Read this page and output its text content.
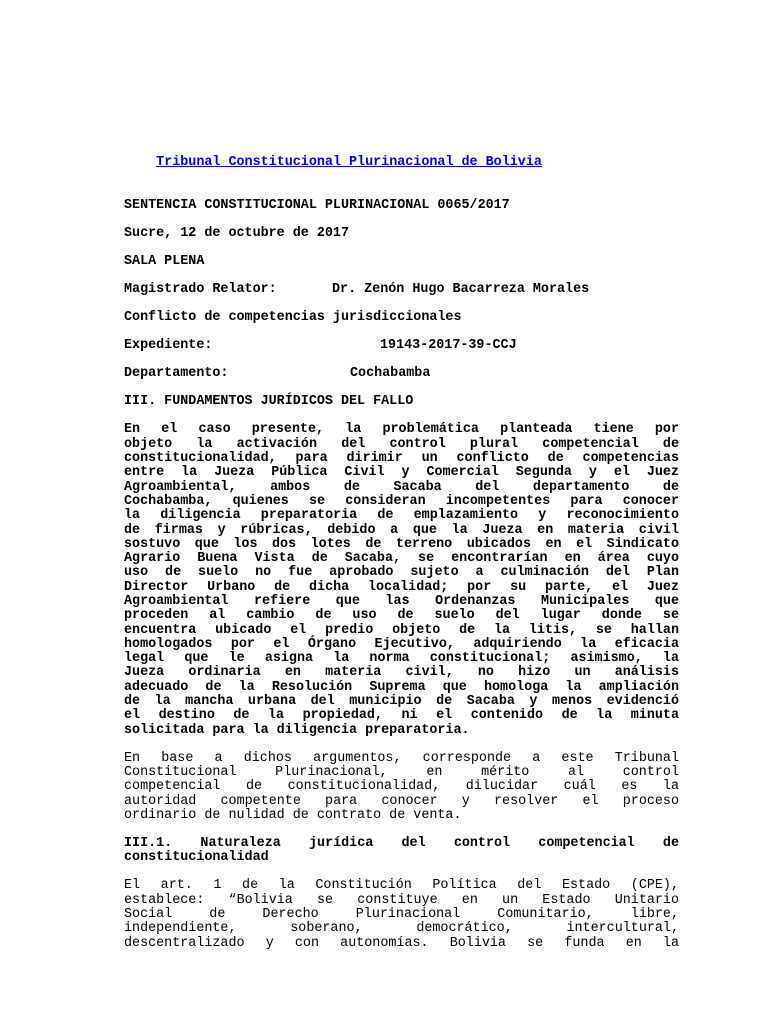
Tribunal Constitucional Plurinacional de Bolivia

SENTENCIA CONSTITUCIONAL PLURINACIONAL 0065/2017

Sucre, 12 de octubre de 2017

SALA PLENA

Magistrado Relator:	Dr. Zenón Hugo Bacarreza Morales

Conflicto de competencias jurisdiccionales

Expediente:	19143-2017-39-CCJ
Departamento:	Cochabamba

III. FUNDAMENTOS JURÍDICOS DEL FALLO

En el caso presente, la problemática planteada tiene por
objeto la activación del control plural competencial de
constitucionalidad, para dirimir un conflicto de competencias
entre la Jueza Pública Civil y Comercial Segunda y el Juez
Agroambiental, ambos de Sacaba del departamento de
Cochabamba, quienes se consideran incompetentes para conocer
la diligencia preparatoria de emplazamiento y reconocimiento
de firmas y rúbricas, debido a que la Jueza en materia civil
sostuvo que los dos lotes de terreno ubicados en el Sindicato
Agrario Buena Vista de Sacaba, se encontrarían en área cuyo
uso de suelo no fue aprobado sujeto a culminación del Plan
Director Urbano de dicha localidad; por su parte, el Juez
Agroambiental refiere que las Ordenanzas Municipales que
proceden al cambio de uso de suelo del lugar donde se
encuentra ubicado el predio objeto de la litis, se hallan
homologados por el Órgano Ejecutivo, adquiriendo la eficacia
legal que le asigna la norma constitucional; asimismo, la
Jueza ordinaria en materia civil, no hizo un análisis
adecuado de la Resolución Suprema que homologa la ampliación
de la mancha urbana del municipio de Sacaba y menos evidenció
el destino de la propiedad, ni el contenido de la minuta
solicitada para la diligencia preparatoria.
En base a dichos argumentos, corresponde a este Tribunal
Constitucional Plurinacional, en mérito al control
competencial de constitucionalidad, dilucidar cuál es la
autoridad competente para conocer y resolver el proceso
ordinario de nulidad de contrato de venta.
III.1. Naturaleza jurídica del control competencial de
constitucionalidad
El art. 1 de la Constitución Política del Estado (CPE),
establece: “Bolivia se constituye en un Estado Unitario
Social de Derecho Plurinacional Comunitario, libre,
independiente, soberano, democrático, intercultural,
descentralizado y con autonomías. Bolivia se funda en la
